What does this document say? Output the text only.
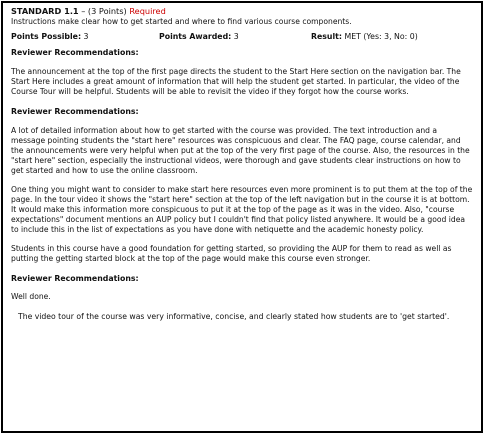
STANDARD 1.1 – (3 Points) Required
Instructions make clear how to get started and where to find various course components.
Points Possible: 3	Points Awarded: 3	Result: MET (Yes: 3, No: 0)
Reviewer Recommendations:

The announcement at the top of the first page directs the student to the Start Here section on the navigation bar. The Start Here includes a great amount of information that will help the student get started. In particular, the video of the Course Tour will be helpful. Students will be able to revisit the video if they forgot how the course works.

Reviewer Recommendations:

A lot of detailed information about how to get started with the course was provided. The text introduction and a message pointing students the "start here" resources was conspicuous and clear. The FAQ page, course calendar, and the announcements were very helpful when put at the top of the very first page of the course. Also, the resources in the "start here" section, especially the instructional videos, were thorough and gave students clear instructions on how to get started and how to use the online classroom.

One thing you might want to consider to make start here resources even more prominent is to put them at the top of the page. In the tour video it shows the "start here" section at the top of the left navigation but in the course it is at bottom. It would make this information more conspicuous to put it at the top of the page as it was in the video. Also, "course expectations" document mentions an AUP policy but I couldn't find that policy listed anywhere. It would be a good idea to include this in the list of expectations as you have done with netiquette and the academic honesty policy.

Students in this course have a good foundation for getting started, so providing the AUP for them to read as well as putting the getting started block at the top of the page would make this course even stronger.

Reviewer Recommendations:

Well done.

The video tour of the course was very informative, concise, and clearly stated how students are to 'get started'.
